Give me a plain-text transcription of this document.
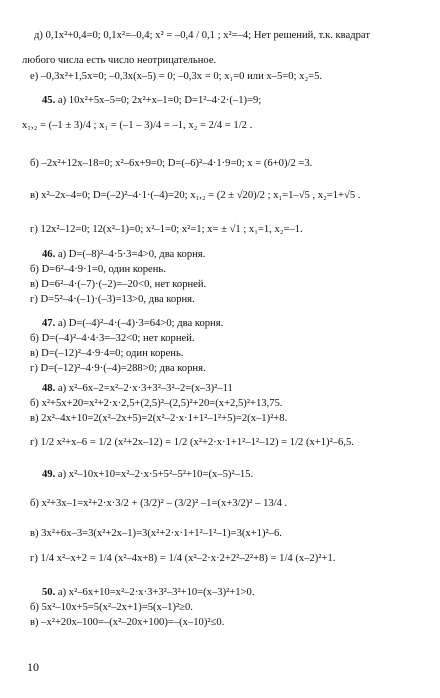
д) 0,1x²+0,4=0; 0,1x²=–0,4; x² = –0,4 / 0,1 ; x²=–4; Нет решений, т.к. квадрат
любого числа есть число неотрицательное.
е) –0,3x²+1,5x=0; –0,3x(x–5) = 0; –0,3x = 0; x₁=0 или x–5=0; x₂=5.
45. а) 10x²+5x–5=0; 2x²+x–1=0; D=1²–4·2·(–1)=9;
x₁,₂ = (–1 ± 3)/4 ; x₁ = (–1 – 3)/4 = –1, x₂ = 2/4 = 1/2 .
б) –2x²+12x–18=0; x²–6x+9=0; D=(–6)²–4·1·9=0; x = (6+0)/2 =3.
в) x²–2x–4=0; D=(–2)²–4·1·(–4)=20; x₁,₂ = (2 ± √20)/2 ; x₁=1–√5 , x₂=1+√5 .
г) 12x²–12=0; 12(x²–1)=0; x²–1=0; x²=1; x= ± √1 ; x₁=1, x₂=–1.
46. а) D=(–8)²–4·5·3=4>0, два корня.
б) D=6²–4·9·1=0, один корень.
в) D=6²–4·(–7)·(–2)=–20<0, нет корней.
г) D=5²–4·(–1)·(–3)=13>0, два корня.
47. а) D=(–4)²–4·(–4)·3=64>0; два корня.
б) D=(–4)²–4·4·3=–32<0; нет корней.
в) D=(–12)²–4·9·4=0; один корень.
г) D=(–12)²–4·9·(–4)=288>0; два корня.
48. а) x²–6x–2=x²–2·x·3+3²–3²–2=(x–3)²–11
б) x²+5x+20=x²+2·x·2,5+(2,5)²–(2,5)²+20=(x+2,5)²+13,75.
в) 2x²–4x+10=2(x²–2x+5)=2(x²–2·x·1+1²–1²+5)=2(x–1)²+8.
г) 1/2 x²+x–6 = 1/2 (x²+2x–12) = 1/2 (x²+2·x·1+1²–1²–12) = 1/2 (x+1)²–6,5.
49. а) x²–10x+10=x²–2·x·5+5²–5²+10=(x–5)²–15.
б) x²+3x–1=x²+2·x·3/2 + (3/2)² – (3/2)² –1=(x+3/2)² – 13/4 .
в) 3x²+6x–3=3(x²+2x–1)=3(x²+2·x·1+1²–1²–1)=3(x+1)²–6.
г) 1/4 x²–x+2 = 1/4 (x²–4x+8) = 1/4 (x²–2·x·2+2²–2²+8) = 1/4 (x–2)²+1.
50. а) x²–6x+10=x²–2·x·3+3²–3²+10=(x–3)²+1>0.
б) 5x²–10x+5=5(x²–2x+1)=5(x–1)²≥0.
в) –x²+20x–100=–(x²–20x+100)=–(x–10)²≤0.
10
